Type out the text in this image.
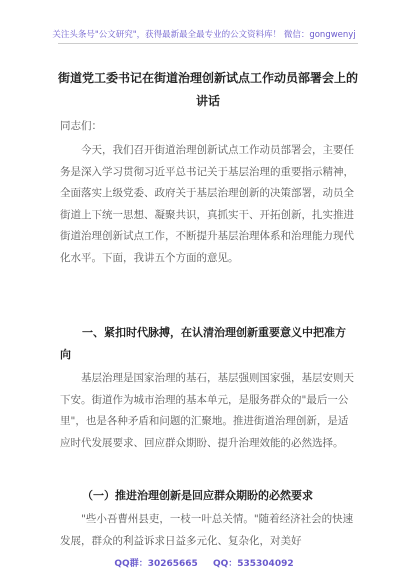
关注头条号"公文研究"，获得最新最全最专业的公文资料库！ 微信：gongwenyj
街道党工委书记在街道治理创新试点工作动员部署会上的
讲话

同志们：

今天，我们召开街道治理创新试点工作动员部署会，主要任务是深入学习贯彻习近平总书记关于基层治理的重要指示精神，全面落实上级党委、政府关于基层治理创新的决策部署，动员全街道上下统一思想、凝聚共识，真抓实干、开拓创新，扎实推进街道治理创新试点工作，不断提升基层治理体系和治理能力现代化水平。下面，我讲五个方面的意见。

一、紧扣时代脉搏，在认清治理创新重要意义中把准方向

基层治理是国家治理的基石，基层强则国家强，基层安则天下安。街道作为城市治理的基本单元，是服务群众的"最后一公里"，也是各种矛盾和问题的汇聚地。推进街道治理创新，是适应时代发展要求、回应群众期盼、提升治理效能的必然选择。

（一）推进治理创新是回应群众期盼的必然要求

"些小吾曹州县吏，一枝一叶总关情。"随着经济社会的快速发展，群众的利益诉求日益多元化、复杂化，对美好

QQ群：30265665 QQ：535304092
